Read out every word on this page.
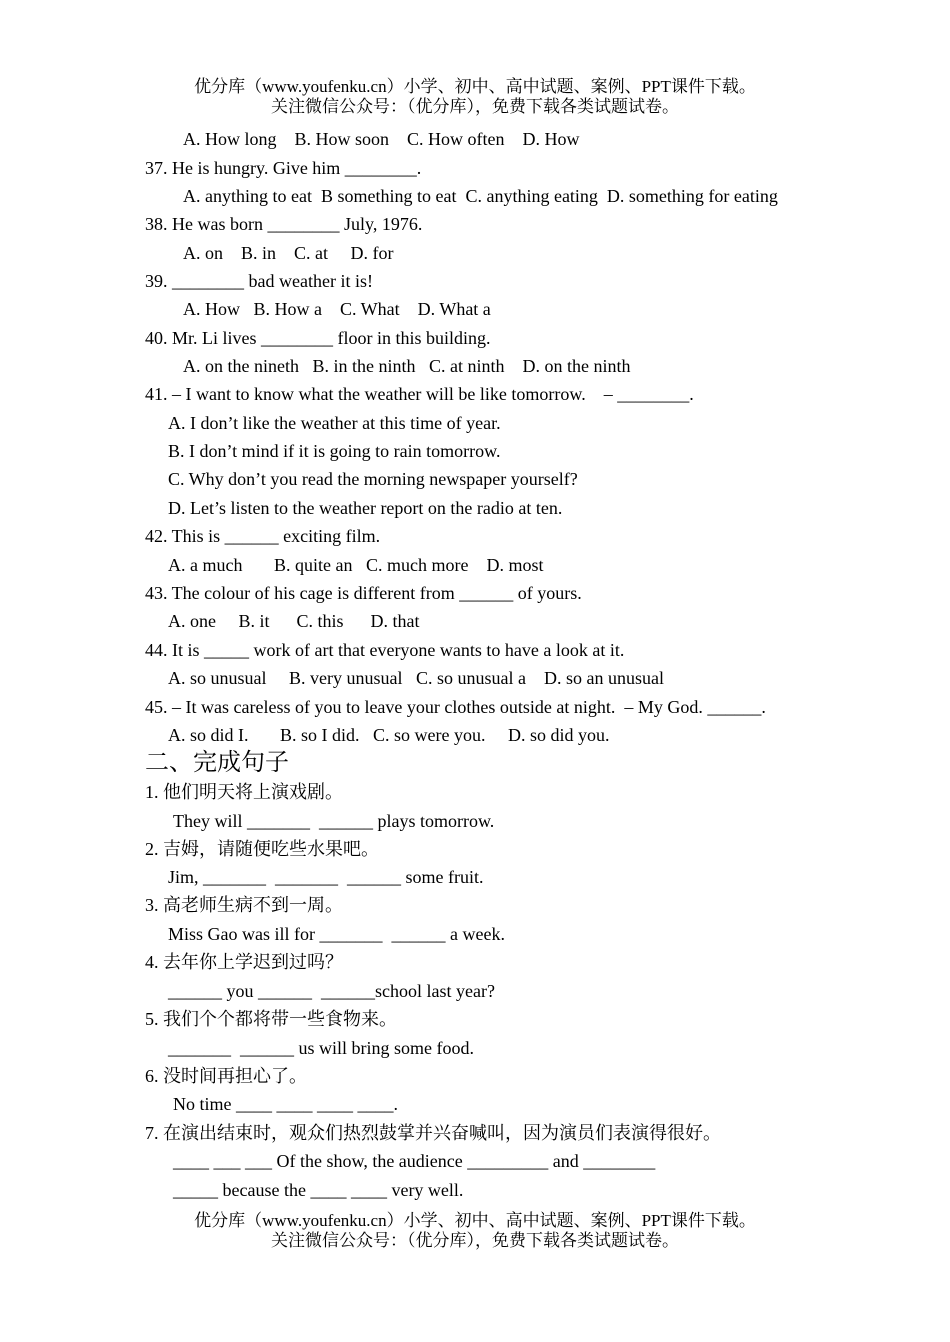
优分库（www.youfenku.cn）小学、初中、高中试题、案例、PPT课件下载。
关注微信公众号：（优分库），免费下载各类试题试卷。
A. How long    B. How soon    C. How often    D. How
37. He is hungry. Give him ________.
A. anything to eat  B something to eat  C. anything eating  D. something for eating
38. He was born ________ July, 1976.
A. on    B. in    C. at     D. for
39. ________ bad weather it is!
A. How   B. How a    C. What    D. What a
40. Mr. Li lives ________ floor in this building.
A. on the nineth   B. in the ninth   C. at ninth    D. on the ninth
41. – I want to know what the weather will be like tomorrow.    – ________.
A. I don’t like the weather at this time of year.
B. I don’t mind if it is going to rain tomorrow.
C. Why don’t you read the morning newspaper yourself?
D. Let’s listen to the weather report on the radio at ten.
42. This is ______ exciting film.
A. a much       B. quite an   C. much more    D. most
43. The colour of his cage is different from ______ of yours.
A. one     B. it      C. this      D. that
44. It is _____ work of art that everyone wants to have a look at it.
A. so unusual     B. very unusual   C. so unusual a    D. so an unusual
45. – It was careless of you to leave your clothes outside at night.  – My God. ______.
A. so did I.       B. so I did.   C. so were you.     D. so did you.
二、完成句子
1. 他们明天将上演戏剧。
They will _______  ______ plays tomorrow.
2. 吉姆，请随便吃些水果吧。
Jim, _______  _______  ______ some fruit.
3. 高老师生病不到一周。
Miss Gao was ill for _______  ______ a week.
4. 去年你上学迟到过吗？
______ you ______  ______school last year?
5. 我们个个都将带一些食物来。
_______  ______ us will bring some food.
6. 没时间再担心了。
No time ____ ____ ____ ____.
7. 在演出结束时，观众们热烈鼓掌并兴奋喊叫，因为演员们表演得很好。
____ ___ ___ Of the show, the audience _________ and ________
_____ because the ____ ____ very well.
优分库（www.youfenku.cn）小学、初中、高中试题、案例、PPT课件下载。
关注微信公众号：（优分库），免费下载各类试题试卷。
